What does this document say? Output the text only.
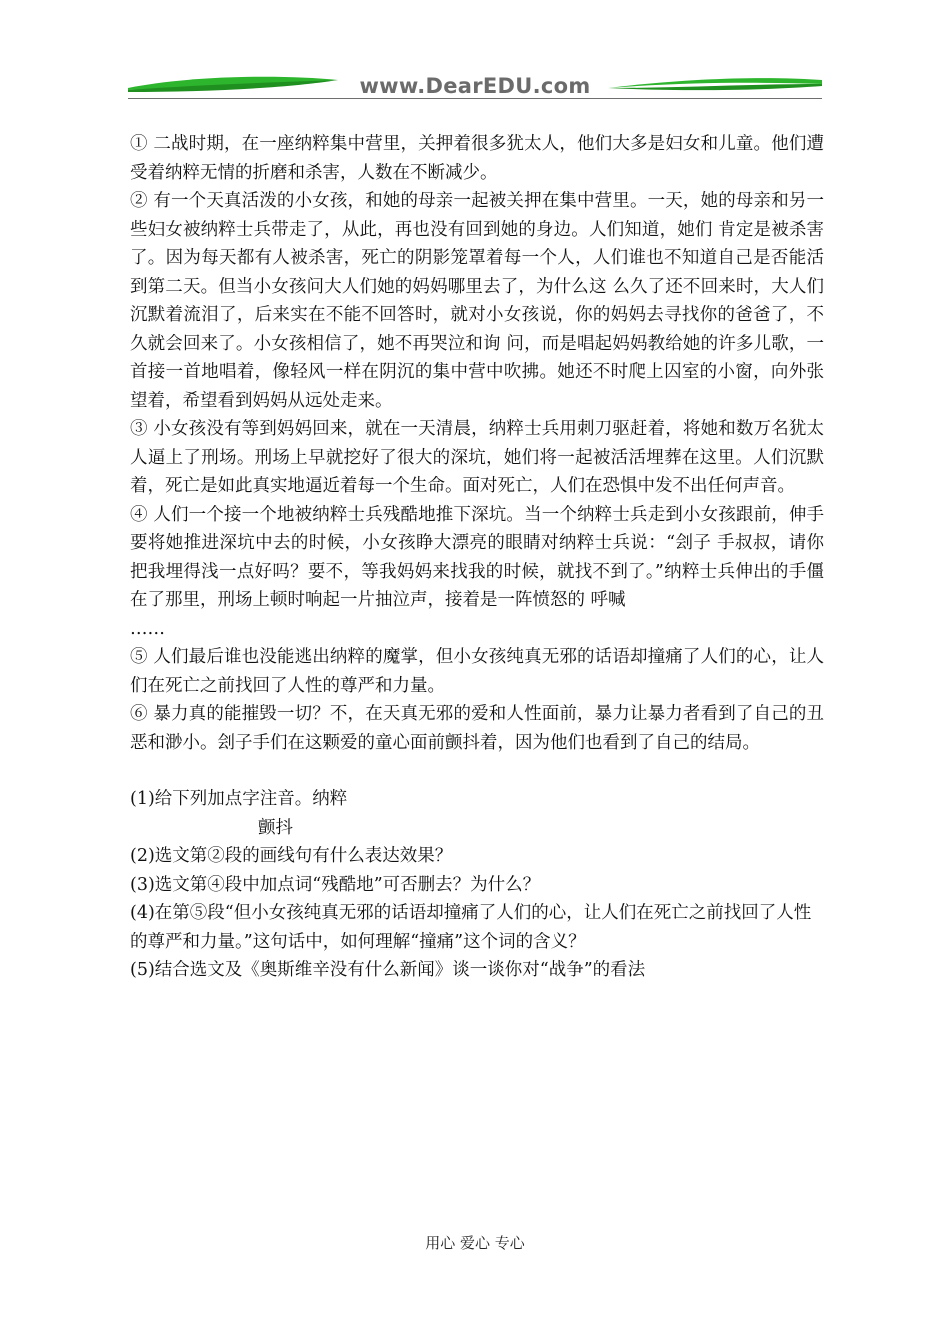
www.DearEDU.com

① 二战时期，在一座纳粹集中营里，关押着很多犹太人，他们大多是妇女和儿童。他们遭受着纳粹无情的折磨和杀害，人数在不断减少。

② 有一个天真活泼的小女孩，和她的母亲一起被关押在集中营里。一天，她的母亲和另一些妇女被纳粹士兵带走了，从此，再也没有回到她的身边。人们知道，她们 肯定是被杀害了。因为每天都有人被杀害，死亡的阴影笼罩着每一个人，人们谁也不知道自己是否能活到第二天。但当小女孩问大人们她的妈妈哪里去了，为什么这 么久了还不回来时，大人们沉默着流泪了，后来实在不能不回答时，就对小女孩说，你的妈妈去寻找你的爸爸了，不久就会回来了。小女孩相信了，她不再哭泣和询 问，而是唱起妈妈教给她的许多儿歌，一首接一首地唱着，像轻风一样在阴沉的集中营中吹拂。她还不时爬上囚室的小窗，向外张望着，希望看到妈妈从远处走来。

③ 小女孩没有等到妈妈回来，就在一天清晨，纳粹士兵用刺刀驱赶着，将她和数万名犹太人逼上了刑场。刑场上早就挖好了很大的深坑，她们将一起被活活埋葬在这里。人们沉默着，死亡是如此真实地逼近着每一个生命。面对死亡，人们在恐惧中发不出任何声音。

④ 人们一个接一个地被纳粹士兵残酷地推下深坑。当一个纳粹士兵走到小女孩跟前，伸手要将她推进深坑中去的时候，小女孩睁大漂亮的眼睛对纳粹士兵说：“刽子 手叔叔，请你把我埋得浅一点好吗？要不，等我妈妈来找我的时候，就找不到了。”纳粹士兵伸出的手僵在了那里，刑场上顿时响起一片抽泣声，接着是一阵愤怒的 呼喊

……

⑤ 人们最后谁也没能逃出纳粹的魔掌，但小女孩纯真无邪的话语却撞痛了人们的心，让人们在死亡之前找回了人性的尊严和力量。

⑥ 暴力真的能摧毁一切？不，在天真无邪的爱和人性面前，暴力让暴力者看到了自己的丑恶和渺小。刽子手们在这颗爱的童心面前颤抖着，因为他们也看到了自己的结局。

(1)给下列加点字注音。纳粹

颤抖

(2)选文第②段的画线句有什么表达效果？

(3)选文第④段中加点词“残酷地”可否删去？为什么？

(4)在第⑤段“但小女孩纯真无邪的话语却撞痛了人们的心，让人们在死亡之前找回了人性的尊严和力量。”这句话中，如何理解“撞痛”这个词的含义？

(5)结合选文及《奥斯维辛没有什么新闻》谈一谈你对“战争”的看法

用心 爱心 专心
